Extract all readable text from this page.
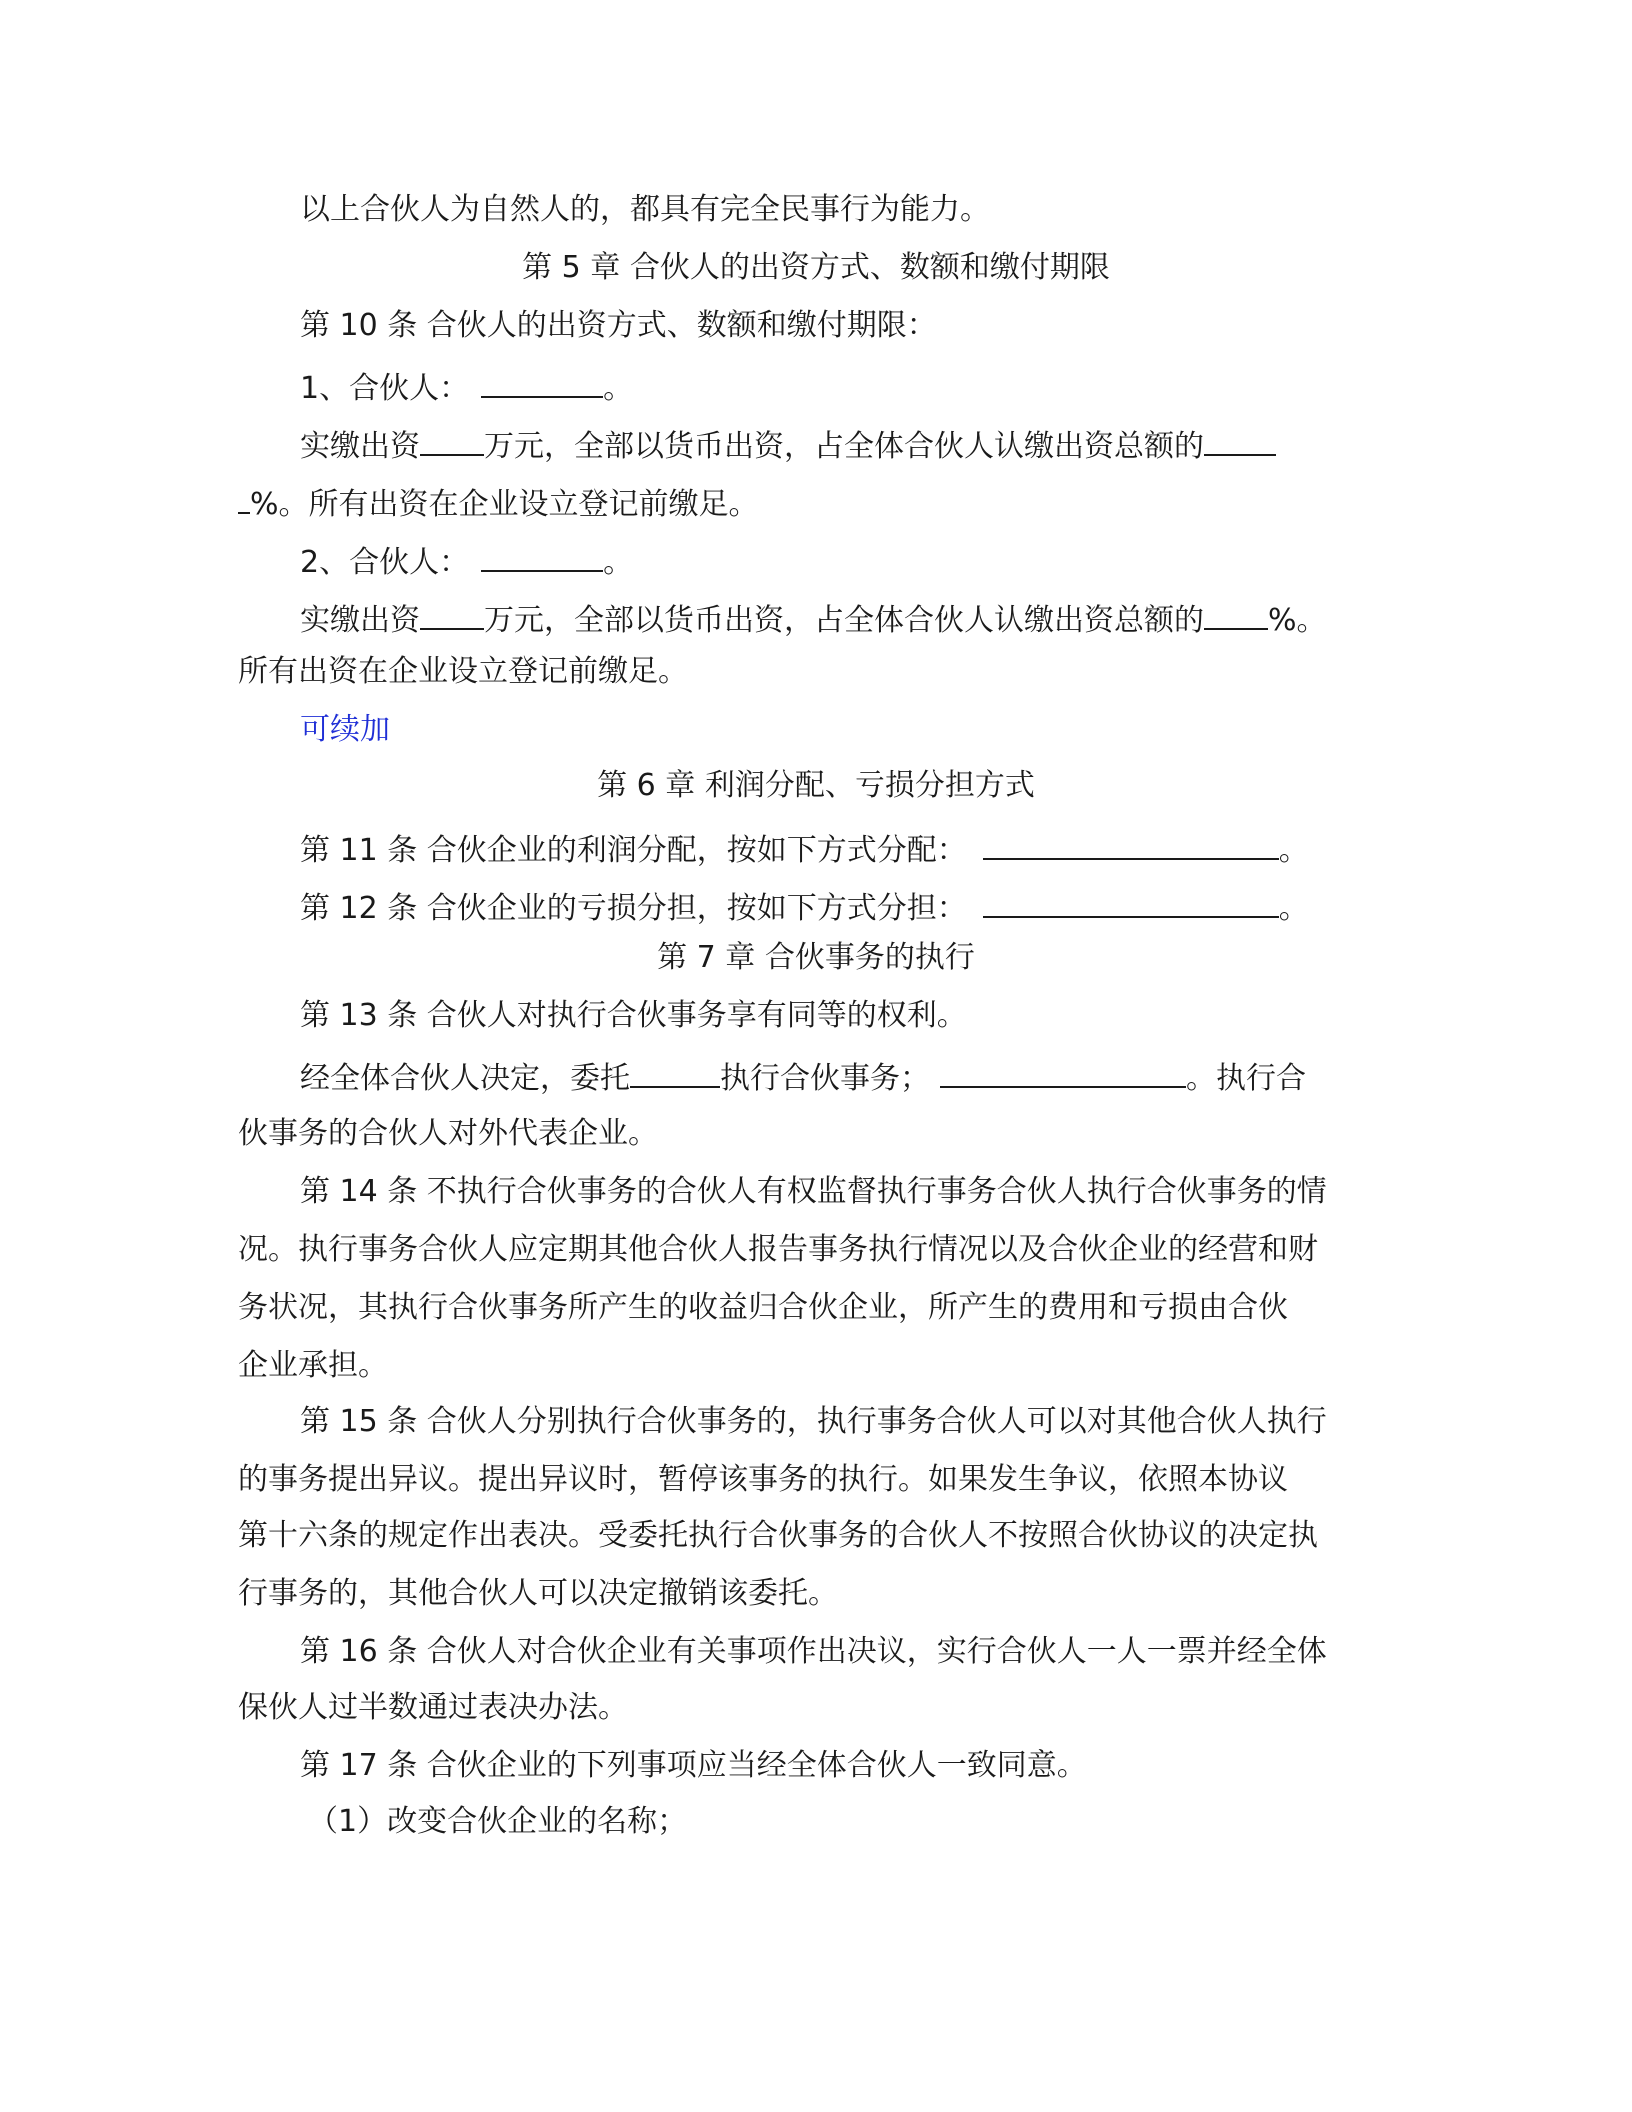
以上合伙人为自然人的，都具有完全民事行为能力。
第 5 章 合伙人的出资方式、数额和缴付期限
第 10 条 合伙人的出资方式、数额和缴付期限：
1、合伙人：	。
实缴出资 万元，全部以货币出资，占全体合伙人认缴出资总额的
%。所有出资在企业设立登记前缴足。
2、合伙人：	。
实缴出资 万元，全部以货币出资，占全体合伙人认缴出资总额的 %。
所有出资在企业设立登记前缴足。
可续加
第 6 章 利润分配、亏损分担方式
第 11 条 合伙企业的利润分配，按如下方式分配：	。
第 12 条 合伙企业的亏损分担，按如下方式分担：	。
第 7 章 合伙事务的执行
第 13 条 合伙人对执行合伙事务享有同等的权利。
经全体合伙人决定，委托	执行合伙事务；	。执行合
伙事务的合伙人对外代表企业。
第 14 条 不执行合伙事务的合伙人有权监督执行事务合伙人执行合伙事务的情
况。执行事务合伙人应定期其他合伙人报告事务执行情况以及合伙企业的经营和财
务状况，其执行合伙事务所产生的收益归合伙企业，所产生的费用和亏损由合伙
企业承担。
第 15 条 合伙人分别执行合伙事务的，执行事务合伙人可以对其他合伙人执行
的事务提出异议。提出异议时，暂停该事务的执行。如果发生争议，依照本协议
第十六条的规定作出表决。受委托执行合伙事务的合伙人不按照合伙协议的决定执
行事务的，其他合伙人可以决定撤销该委托。
第 16 条 合伙人对合伙企业有关事项作出决议，实行合伙人一人一票并经全体
保伙人过半数通过表决办法。
第 17 条 合伙企业的下列事项应当经全体合伙人一致同意。
（1）改变合伙企业的名称；
